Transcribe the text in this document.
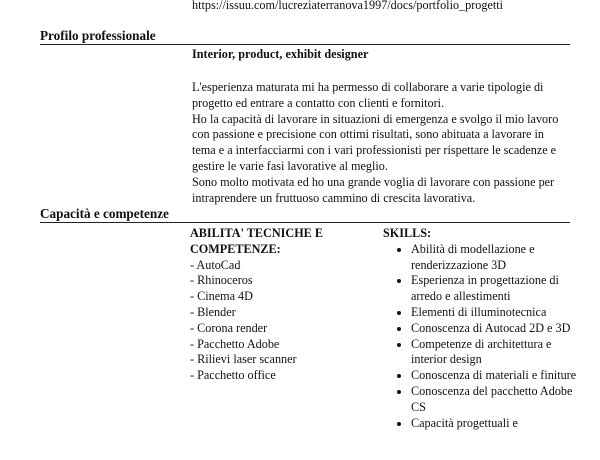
https://issuu.com/lucreziaterranova1997/docs/portfolio_progetti
Profilo professionale
Interior, product, exhibit designer

L'esperienza maturata mi ha permesso di collaborare a varie tipologie di progetto ed entrare a contatto con clienti e fornitori.

Ho la capacità di lavorare in situazioni di emergenza e svolgo il mio lavoro con passione e precisione con ottimi risultati, sono abituata a lavorare in tema e a interfacciarmi con i vari professionisti per rispettare le scadenze e gestire le varie fasi lavorative al meglio.

Sono molto motivata ed ho una grande voglia di lavorare con passione per intraprendere un fruttuoso cammino di crescita lavorativa.

Capacità e competenze
ABILITA' TECNICHE E COMPETENZE:
- AutoCad
- Rhinoceros
- Cinema 4D
- Blender
- Corona render
- Pacchetto Adobe
- Rilievi laser scanner
- Pacchetto office
SKILLS:
• Abilità di modellazione e renderizzazione 3D
• Esperienza in progettazione di arredo e allestimenti
• Elementi di illuminotecnica
• Conoscenza di Autocad 2D e 3D
• Competenze di architettura e interior design
• Conoscenza di materiali e finiture
• Conoscenza del pacchetto Adobe CS
• Capacità progettuali e
